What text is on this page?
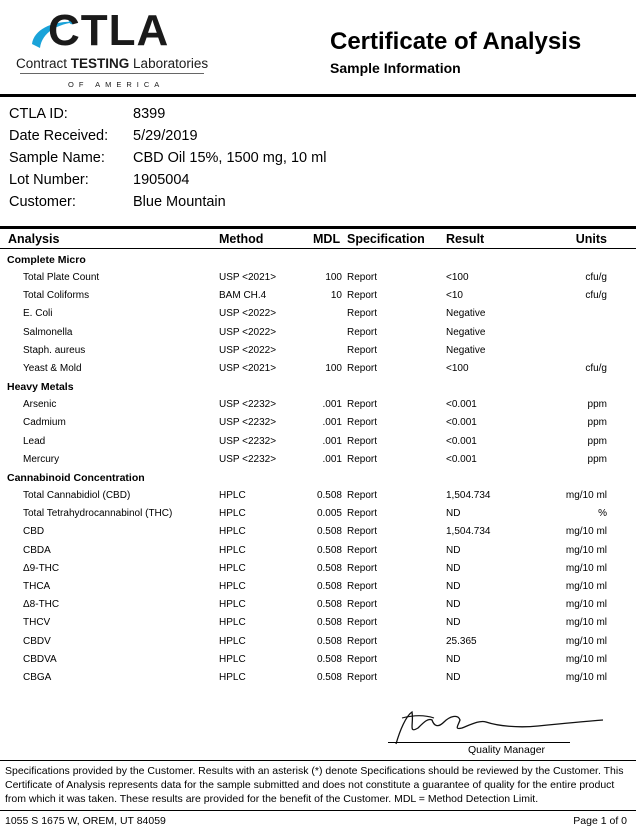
CTLA
Contract TESTING Laboratories
OF AMERICA
Certificate of Analysis
Sample Information
CTLA ID:	8399
Date Received: 5/29/2019
Sample Name: CBD Oil 15%, 1500 mg, 10 ml
Lot Number:	1905004
Customer:	Blue Mountain
Analysis	Method	MDL Specification Result	Units
Complete Micro
Total Plate Count	USP <2021>	100 Report	<100	cfu/g
Total Coliforms	BAM CH.4	10 Report	<10	cfu/g
E. Coli	USP <2022>	Report	Negative
Salmonella	USP <2022>	Report	Negative
Staph. aureus	USP <2022>	Report	Negative
Yeast & Mold	USP <2021>	100 Report	<100	cfu/g
Heavy Metals
Arsenic	USP <2232>	.001 Report	<0.001	ppm
Cadmium	USP <2232>	.001 Report	<0.001	ppm
Lead	USP <2232>	.001 Report	<0.001	ppm
Mercury	USP <2232>	.001 Report	<0.001	ppm
Cannabinoid Concentration
Total Cannabidiol (CBD)	HPLC	0.508 Report	1,504.734	mg/10 ml
Total Tetrahydrocannabinol (THC)	HPLC	0.005 Report	ND	%
CBD	HPLC	0.508 Report	1,504.734	mg/10 ml
CBDA	HPLC	0.508 Report	ND	mg/10 ml
Δ9-THC	HPLC	0.508 Report	ND	mg/10 ml
THCA	HPLC	0.508 Report	ND	mg/10 ml
Δ8-THC	HPLC	0.508 Report	ND	mg/10 ml
THCV	HPLC	0.508 Report	ND	mg/10 ml
CBDV	HPLC	0.508 Report	25.365	mg/10 ml
CBDVA	HPLC	0.508 Report	ND	mg/10 ml
CBGA	HPLC	0.508 Report	ND	mg/10 ml
Quality Manager
Specifications provided by the Customer. Results with an asterisk (*) denote Specifications should be reviewed by the Customer. This Certificate of Analysis represents data for the sample submitted and does not constitute a guarantee of quality for the entire product from which it was taken. These results are provided for the benefit of the Customer. MDL = Method Detection Limit.
1055 S 1675 W, OREM, UT 84059	Page 1 of 0
